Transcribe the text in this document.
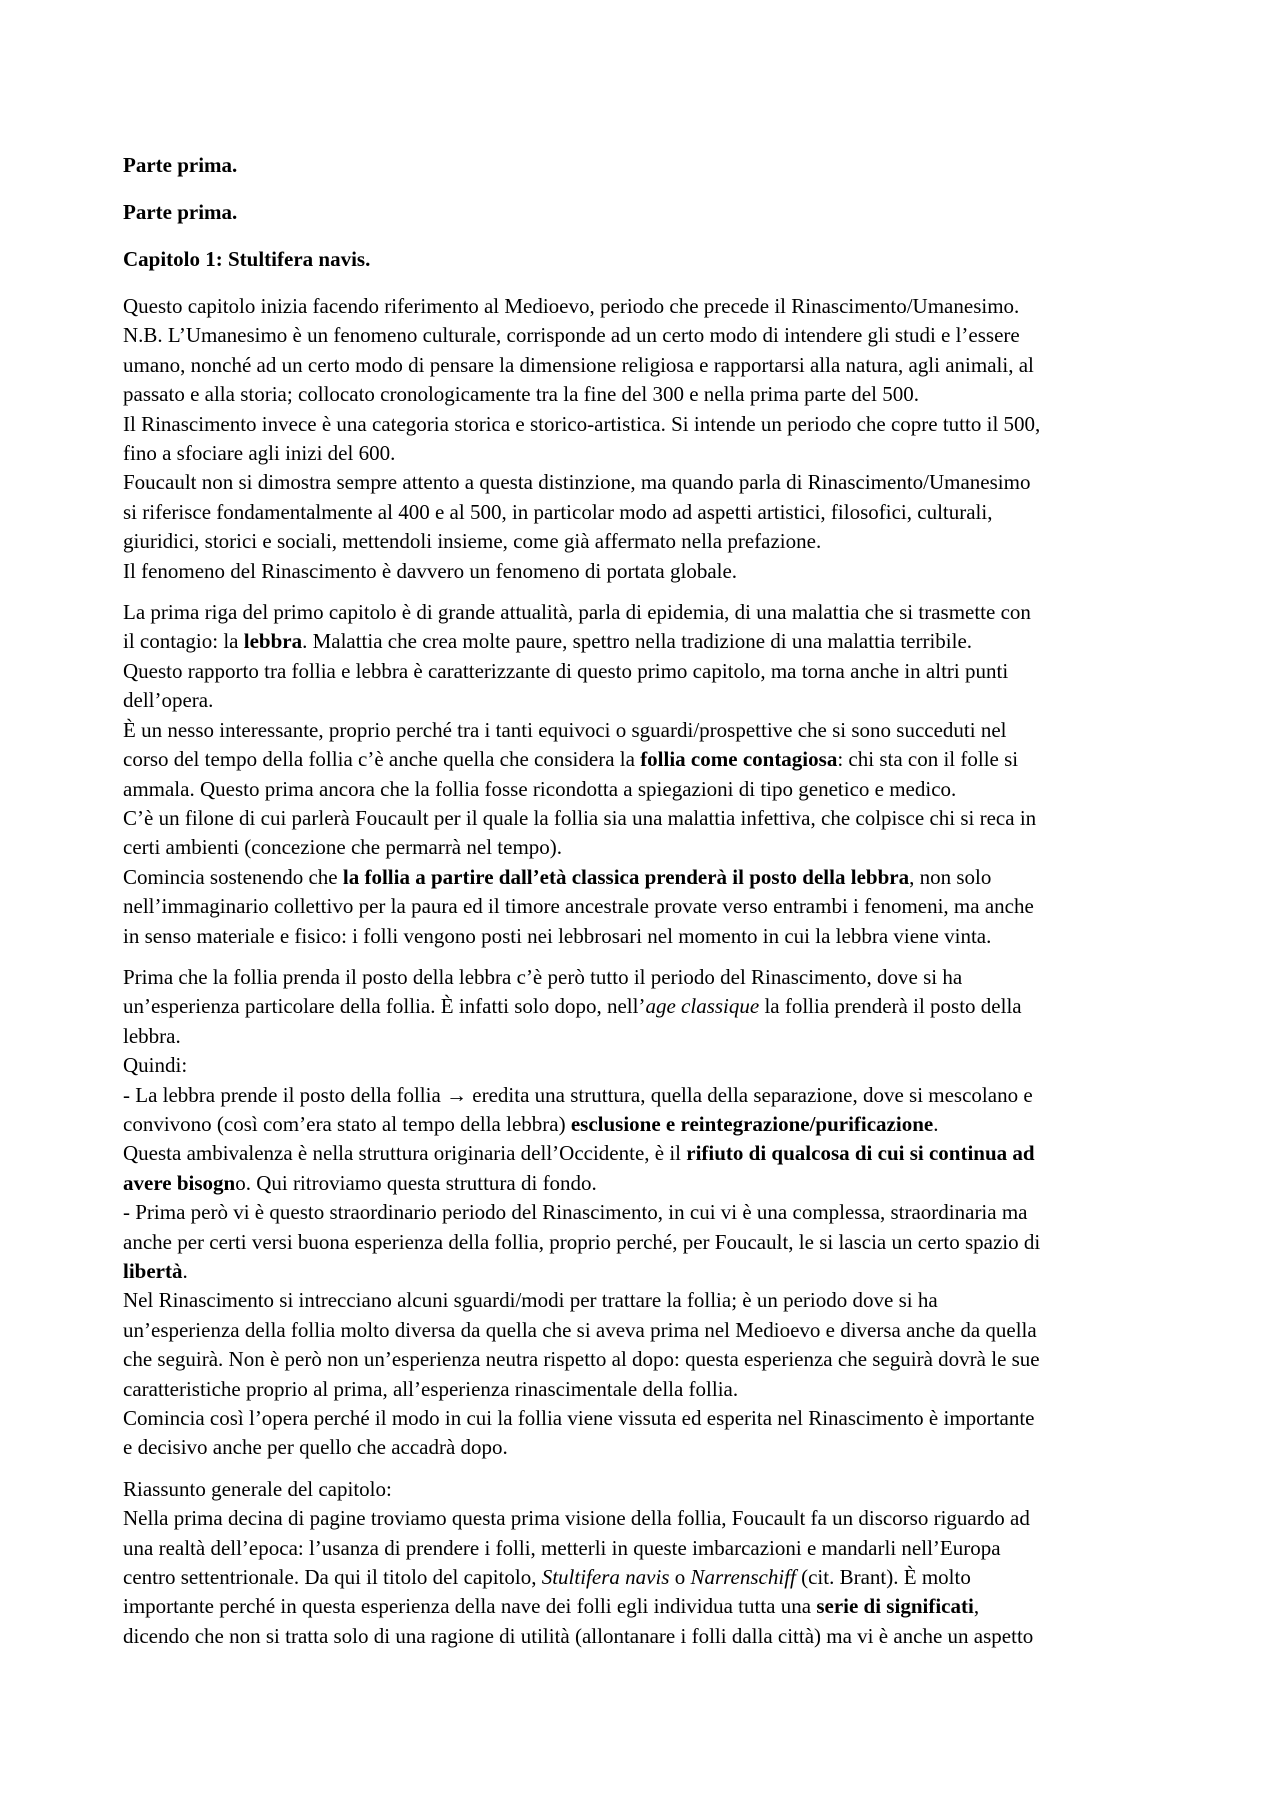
Parte prima.
Parte prima.
Capitolo 1: Stultifera navis.
Questo capitolo inizia facendo riferimento al Medioevo, periodo che precede il Rinascimento/Umanesimo.
N.B. L’Umanesimo è un fenomeno culturale, corrisponde ad un certo modo di intendere gli studi e l’essere
umano, nonché ad un certo modo di pensare la dimensione religiosa e rapportarsi alla natura, agli animali, al
passato e alla storia; collocato cronologicamente tra la fine del 300 e nella prima parte del 500.
Il Rinascimento invece è una categoria storica e storico-artistica. Si intende un periodo che copre tutto il 500,
fino a sfociare agli inizi del 600.
Foucault non si dimostra sempre attento a questa distinzione, ma quando parla di Rinascimento/Umanesimo
si riferisce fondamentalmente al 400 e al 500, in particolar modo ad aspetti artistici, filosofici, culturali,
giuridici, storici e sociali, mettendoli insieme, come già affermato nella prefazione.
Il fenomeno del Rinascimento è davvero un fenomeno di portata globale.
La prima riga del primo capitolo è di grande attualità, parla di epidemia, di una malattia che si trasmette con
il contagio: la lebbra. Malattia che crea molte paure, spettro nella tradizione di una malattia terribile.
Questo rapporto tra follia e lebbra è caratterizzante di questo primo capitolo, ma torna anche in altri punti
dell’opera.
È un nesso interessante, proprio perché tra i tanti equivoci o sguardi/prospettive che si sono succeduti nel
corso del tempo della follia c’è anche quella che considera la follia come contagiosa: chi sta con il folle si
ammala. Questo prima ancora che la follia fosse ricondotta a spiegazioni di tipo genetico e medico.
C’è un filone di cui parlerà Foucault per il quale la follia sia una malattia infettiva, che colpisce chi si reca in
certi ambienti (concezione che permarrà nel tempo).
Comincia sostenendo che la follia a partire dall’età classica prenderà il posto della lebbra, non solo
nell’immaginario collettivo per la paura ed il timore ancestrale provate verso entrambi i fenomeni, ma anche
in senso materiale e fisico: i folli vengono posti nei lebbrosari nel momento in cui la lebbra viene vinta.
Prima che la follia prenda il posto della lebbra c’è però tutto il periodo del Rinascimento, dove si ha
un’esperienza particolare della follia. È infatti solo dopo, nell’age classique la follia prenderà il posto della
lebbra.
Quindi:
- La lebbra prende il posto della follia → eredita una struttura, quella della separazione, dove si mescolano e
convivono (così com’era stato al tempo della lebbra) esclusione e reintegrazione/purificazione.
Questa ambivalenza è nella struttura originaria dell’Occidente, è il rifiuto di qualcosa di cui si continua ad
avere bisogno. Qui ritroviamo questa struttura di fondo.
- Prima però vi è questo straordinario periodo del Rinascimento, in cui vi è una complessa, straordinaria ma
anche per certi versi buona esperienza della follia, proprio perché, per Foucault, le si lascia un certo spazio di
libertà.
Nel Rinascimento si intrecciano alcuni sguardi/modi per trattare la follia; è un periodo dove si ha
un’esperienza della follia molto diversa da quella che si aveva prima nel Medioevo e diversa anche da quella
che seguirà. Non è però non un’esperienza neutra rispetto al dopo: questa esperienza che seguirà dovrà le sue
caratteristiche proprio al prima, all’esperienza rinascimentale della follia.
Comincia così l’opera perché il modo in cui la follia viene vissuta ed esperita nel Rinascimento è importante
e decisivo anche per quello che accadrà dopo.
Riassunto generale del capitolo:
Nella prima decina di pagine troviamo questa prima visione della follia, Foucault fa un discorso riguardo ad
una realtà dell’epoca: l’usanza di prendere i folli, metterli in queste imbarcazioni e mandarli nell’Europa
centro settentrionale. Da qui il titolo del capitolo, Stultifera navis o Narrenschiff (cit. Brant). È molto
importante perché in questa esperienza della nave dei folli egli individua tutta una serie di significati,
dicendo che non si tratta solo di una ragione di utilità (allontanare i folli dalla città) ma vi è anche un aspetto
